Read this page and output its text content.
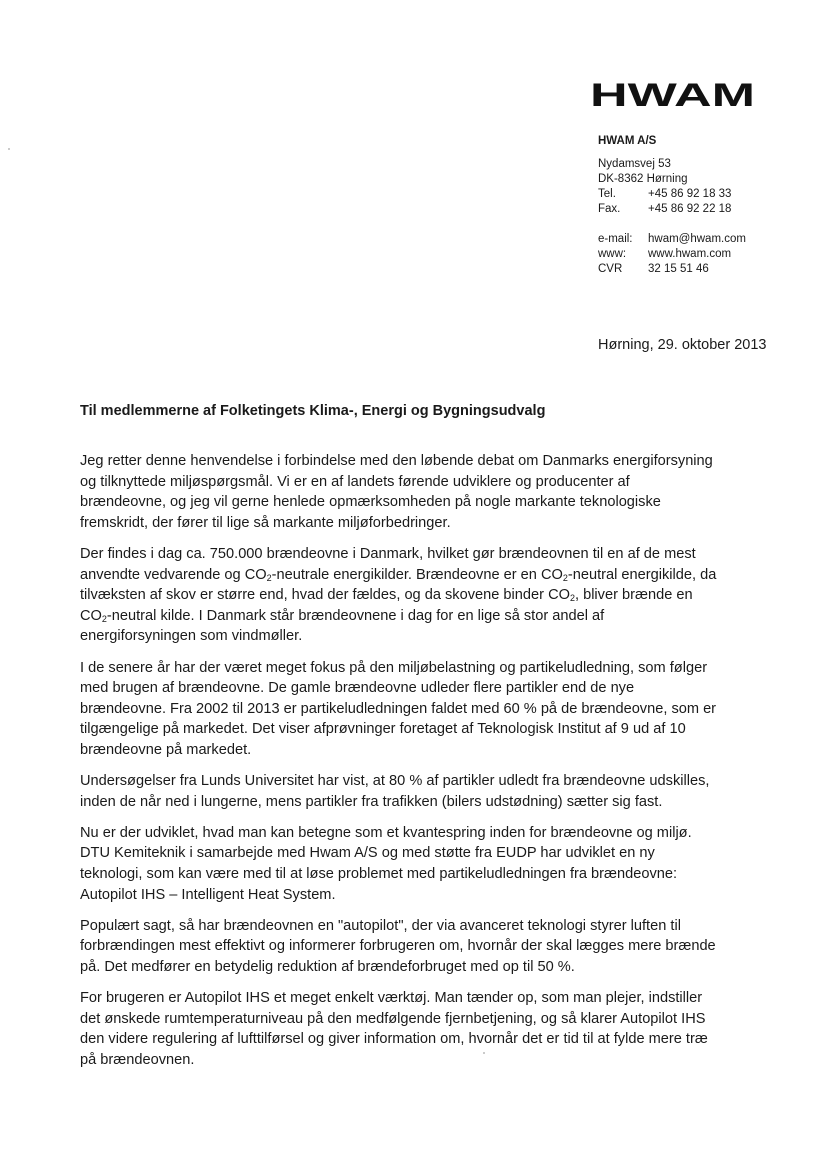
HWAM
HWAM A/S
Nydamsvej 53
DK-8362 Hørning
Tel.	+45 86 92 18 33
Fax.	+45 86 92 22 18
e-mail:	hwam@hwam.com
www:	www.hwam.com
CVR	32 15 51 46
Hørning, 29. oktober 2013
Til medlemmerne af Folketingets Klima-, Energi og Bygningsudvalg

Jeg retter denne henvendelse i forbindelse med den løbende debat om Danmarks energiforsyning
og tilknyttede miljøspørgsmål. Vi er en af landets førende udviklere og producenter af
brændeovne, og jeg vil gerne henlede opmærksomheden på nogle markante teknologiske
fremskridt, der fører til lige så markante miljøforbedringer.

Der findes i dag ca. 750.000 brændeovne i Danmark, hvilket gør brændeovnen til en af de mest
anvendte vedvarende og $CO_2$-neutrale energikilder. Brændeovne er en $CO_2$-neutral energikilde, da
tilvæksten af skov er større end, hvad der fældes, og da skovene binder $CO_2$, bliver brænde en
$CO_2$-neutral kilde. I Danmark står brændeovnene i dag for en lige så stor andel af
energiforsyningen som vindmøller.

I de senere år har der været meget fokus på den miljøbelastning og partikeludledning, som følger
med brugen af brændeovne. De gamle brændeovne udleder flere partikler end de nye
brændeovne. Fra 2002 til 2013 er partikeludledningen faldet med 60 % på de brændeovne, som er
tilgængelige på markedet. Det viser afprøvninger foretaget af Teknologisk Institut af 9 ud af 10
brændeovne på markedet.

Undersøgelser fra Lunds Universitet har vist, at 80 % af partikler udledt fra brændeovne udskilles,
inden de når ned i lungerne, mens partikler fra trafikken (bilers udstødning) sætter sig fast.

Nu er der udviklet, hvad man kan betegne som et kvantespring inden for brændeovne og miljø.
DTU Kemiteknik i samarbejde med Hwam A/S og med støtte fra EUDP har udviklet en ny
teknologi, som kan være med til at løse problemet med partikeludledningen fra brændeovne:
Autopilot IHS – Intelligent Heat System.

Populært sagt, så har brændeovnen en "autopilot", der via avanceret teknologi styrer luften til
forbrændingen mest effektivt og informerer forbrugeren om, hvornår der skal lægges mere brænde
på. Det medfører en betydelig reduktion af brændeforbruget med op til 50 %.

For brugeren er Autopilot IHS et meget enkelt værktøj. Man tænder op, som man plejer, indstiller
det ønskede rumtemperaturniveau på den medfølgende fjernbetjening, og så klarer Autopilot IHS
den videre regulering af lufttilførsel og giver information om, hvornår det er tid til at fylde mere træ
på brændeovnen.
